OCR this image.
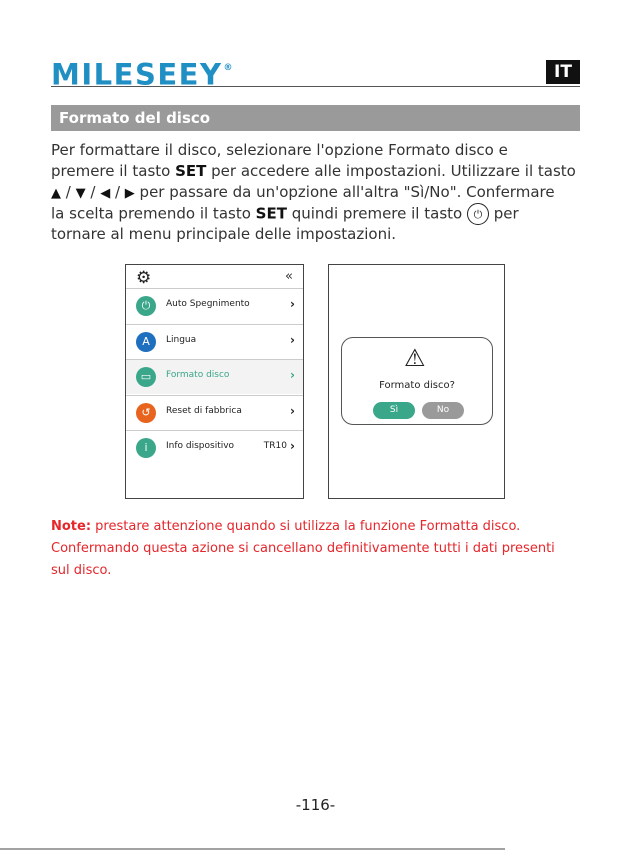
MILESEEY®	IT
Formato del disco
Per formattare il disco, selezionare l'opzione Formato disco e
premere il tasto SET per accedere alle impostazioni. Utilizzare il tasto
▲ / ▼ / ◀ / ▶ per passare da un'opzione all'altra "Sì/No". Confermare
la scelta premendo il tasto SET quindi premere il tasto ⏻ per
tornare al menu principale delle impostazioni.
⚙	«
⏻	Auto Spegnimento	›
A	Lingua	›
▭	Formato disco	›
↺	Reset di fabbrica	›
i	Info dispositivo	TR10 ›
⚠
Formato disco?
Sì	No
Note: prestare attenzione quando si utilizza la funzione Formatta disco.
Confermando questa azione si cancellano definitivamente tutti i dati presenti
sul disco.
-116-
